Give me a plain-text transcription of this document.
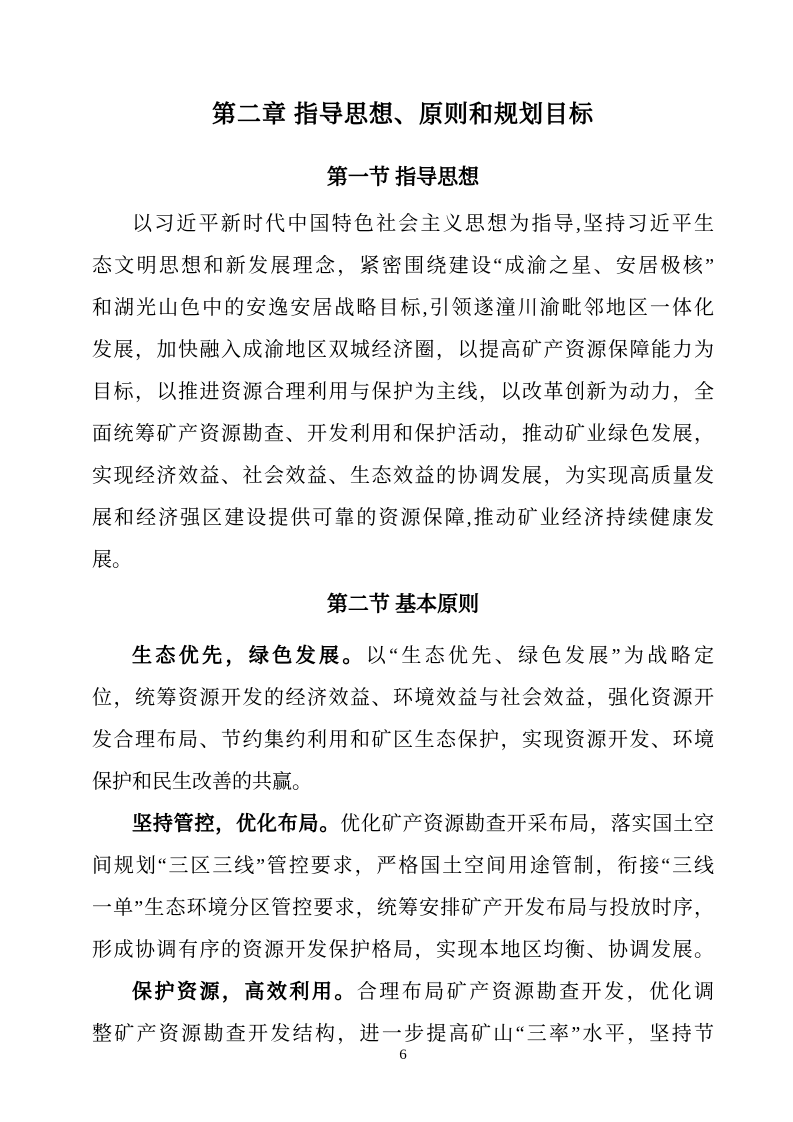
第二章 指导思想、原则和规划目标
第一节 指导思想
以习近平新时代中国特色社会主义思想为指导,坚持习近平生
态文明思想和新发展理念，紧密围绕建设“成渝之星、安居极核”
和湖光山色中的安逸安居战略目标,引领遂潼川渝毗邻地区一体化
发展，加快融入成渝地区双城经济圈，以提高矿产资源保障能力为
目标，以推进资源合理利用与保护为主线，以改革创新为动力，全
面统筹矿产资源勘查、开发利用和保护活动，推动矿业绿色发展，
实现经济效益、社会效益、生态效益的协调发展，为实现高质量发
展和经济强区建设提供可靠的资源保障,推动矿业经济持续健康发
展。
第二节 基本原则
生态优先，绿色发展。以“生态优先、绿色发展”为战略定
位，统筹资源开发的经济效益、环境效益与社会效益，强化资源开
发合理布局、节约集约利用和矿区生态保护，实现资源开发、环境
保护和民生改善的共赢。
坚持管控，优化布局。优化矿产资源勘查开采布局，落实国土空
间规划“三区三线”管控要求，严格国土空间用途管制，衔接“三线
一单”生态环境分区管控要求，统筹安排矿产开发布局与投放时序，
形成协调有序的资源开发保护格局，实现本地区均衡、协调发展。
保护资源，高效利用。合理布局矿产资源勘查开发，优化调
整矿产资源勘查开发结构，进一步提高矿山“三率”水平，坚持节
6
